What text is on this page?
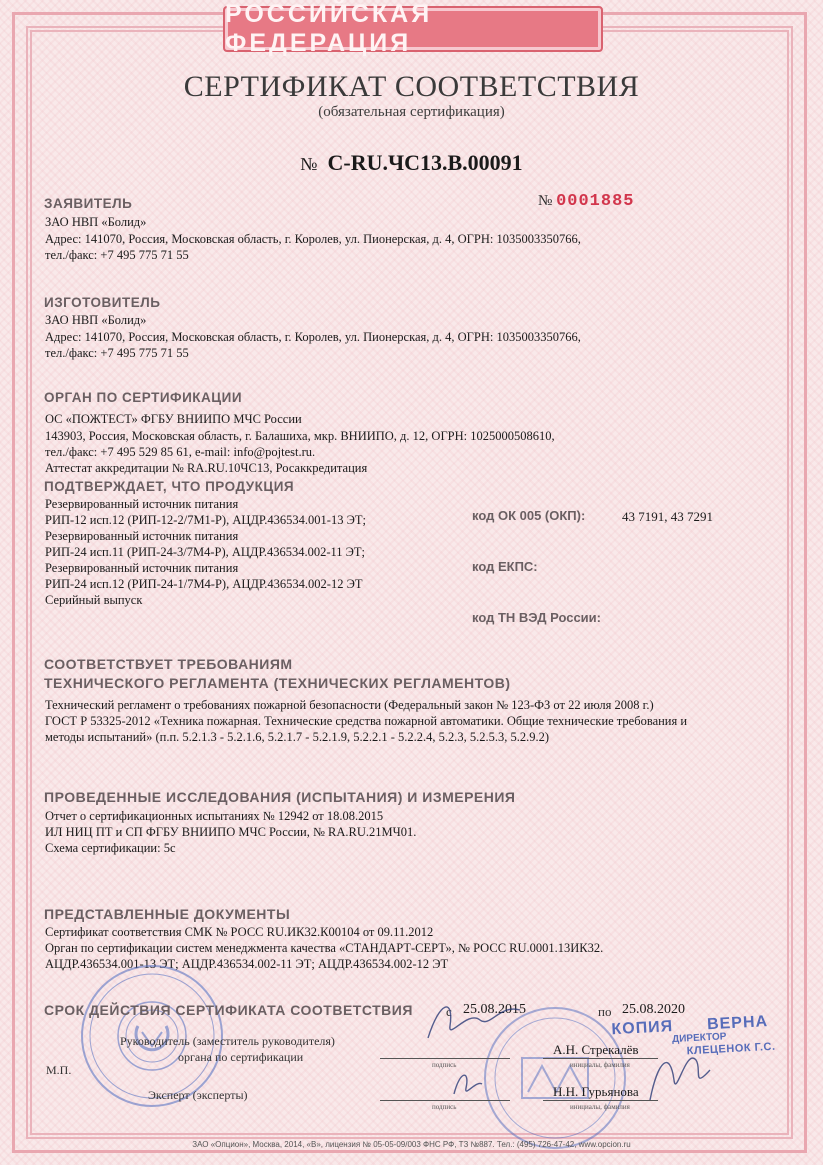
РОССИЙСКАЯ ФЕДЕРАЦИЯ
СЕРТИФИКАТ СООТВЕТСТВИЯ
(обязательная сертификация)
№ С-RU.ЧС13.В.00091
№ 0001885
ЗАЯВИТЕЛЬ
ЗАО НВП «Болид»
Адрес: 141070, Россия, Московская область, г. Королев, ул. Пионерская, д. 4, ОГРН: 1035003350766,
тел./факс: +7 495 775 71 55
ИЗГОТОВИТЕЛЬ
ЗАО НВП «Болид»
Адрес: 141070, Россия, Московская область, г. Королев, ул. Пионерская, д. 4, ОГРН: 1035003350766,
тел./факс: +7 495 775 71 55
ОРГАН ПО СЕРТИФИКАЦИИ
ОС «ПОЖТЕСТ» ФГБУ ВНИИПО МЧС России
143903, Россия, Московская область, г. Балашиха, мкр. ВНИИПО, д. 12, ОГРН: 1025000508610,
тел./факс: +7 495 529 85 61, e-mail: info@pojtest.ru.
Аттестат аккредитации № RA.RU.10ЧС13, Росаккредитация
ПОДТВЕРЖДАЕТ, ЧТО ПРОДУКЦИЯ
Резервированный источник питания
РИП-12 исп.12 (РИП-12-2/7М1-Р), АЦДР.436534.001-13 ЭТ;
Резервированный источник питания
РИП-24 исп.11 (РИП-24-3/7М4-Р), АЦДР.436534.002-11 ЭТ;
Резервированный источник питания
РИП-24 исп.12 (РИП-24-1/7М4-Р), АЦДР.436534.002-12 ЭТ
Серийный выпуск
код ОК 005 (ОКП):	43 7191, 43 7291
код ЕКПС:
код ТН ВЭД России:
СООТВЕТСТВУЕТ ТРЕБОВАНИЯМ
ТЕХНИЧЕСКОГО РЕГЛАМЕНТА (ТЕХНИЧЕСКИХ РЕГЛАМЕНТОВ)
Технический регламент о требованиях пожарной безопасности (Федеральный закон № 123-ФЗ от 22 июля 2008 г.)
ГОСТ Р 53325-2012 «Техника пожарная. Технические средства пожарной автоматики. Общие технические требования и
методы испытаний» (п.п. 5.2.1.3 - 5.2.1.6, 5.2.1.7 - 5.2.1.9, 5.2.2.1 - 5.2.2.4, 5.2.3, 5.2.5.3, 5.2.9.2)
ПРОВЕДЕННЫЕ ИССЛЕДОВАНИЯ (ИСПЫТАНИЯ) И ИЗМЕРЕНИЯ
Отчет о сертификационных испытаниях № 12942 от 18.08.2015
ИЛ НИЦ ПТ и СП ФГБУ ВНИИПО МЧС России, № RA.RU.21МЧ01.
Схема сертификации: 5с
ПРЕДСТАВЛЕННЫЕ ДОКУМЕНТЫ
Сертификат соответствия СМК № РОСС RU.ИК32.К00104 от 09.11.2012
Орган по сертификации систем менеджмента качества «СТАНДАРТ-СЕРТ», № РОСС RU.0001.13ИК32.
АЦДР.436534.001-13 ЭТ; АЦДР.436534.002-11 ЭТ; АЦДР.436534.002-12 ЭТ
СРОК ДЕЙСТВИЯ СЕРТИФИКАТА СООТВЕТСТВИЯ	с 25.08.2015	по 25.08.2020
Руководитель (заместитель руководителя)
органа по сертификации
М.П.	подпись
А.Н. Стрекалёв
инициалы, фамилия
Эксперт (эксперты)
подпись
Н.Н. Гурьянова
инициалы, фамилия
КОПИЯ ВЕРНА
ДИРЕКТОР
КЛЕЦЕНОК Г.С.
ЗАО «Опцион», Москва, 2014, «В», лицензия № 05-05-09/003 ФНС РФ, ТЗ №887. Тел.: (495) 726-47-42, www.opcion.ru
